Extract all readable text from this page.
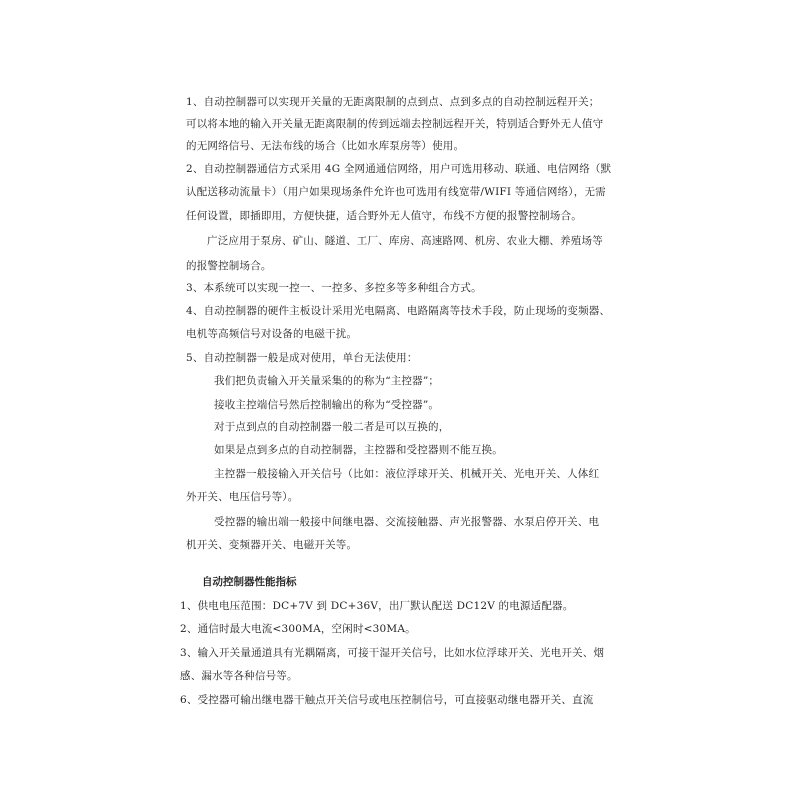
1、自动控制器可以实现开关量的无距离限制的点到点、点到多点的自动控制远程开关；
可以将本地的输入开关量无距离限制的传到远端去控制远程开关，特别适合野外无人值守
的无网络信号、无法布线的场合（比如水库泵房等）使用。
2、自动控制器通信方式采用 4G 全网通通信网络，用户可选用移动、联通、电信网络（默
认配送移动流量卡）（用户如果现场条件允许也可选用有线宽带/WIFI 等通信网络），无需
任何设置，即插即用，方便快捷，适合野外无人值守，布线不方便的报警控制场合。
广泛应用于泵房、矿山、隧道、工厂、库房、高速路网、机房、农业大棚、养殖场等
的报警控制场合。
3、本系统可以实现一控一、一控多、多控多等多种组合方式。
4、自动控制器的硬件主板设计采用光电隔离、电路隔离等技术手段，防止现场的变频器、
电机等高频信号对设备的电磁干扰。
5、自动控制器一般是成对使用，单台无法使用：
我们把负责输入开关量采集的的称为“主控器”；
接收主控端信号然后控制输出的称为“受控器”。
对于点到点的自动控制器一般二者是可以互换的，
如果是点到多点的自动控制器，主控器和受控器则不能互换。
主控器一般接输入开关信号（比如：液位浮球开关、机械开关、光电开关、人体红
外开关、电压信号等）。
受控器的输出端一般接中间继电器、交流接触器、声光报警器、水泵启停开关、电
机开关、变频器开关、电磁开关等。
自动控制器性能指标
1、供电电压范围：DC+7V 到 DC+36V，出厂默认配送 DC12V 的电源适配器。
2、通信时最大电流<300MA，空闲时<30MA。
3、输入开关量通道具有光耦隔离，可接干湿开关信号，比如水位浮球开关、光电开关、烟
感、漏水等各种信号等。
6、受控器可输出继电器干触点开关信号或电压控制信号，可直接驱动继电器开关、直流
